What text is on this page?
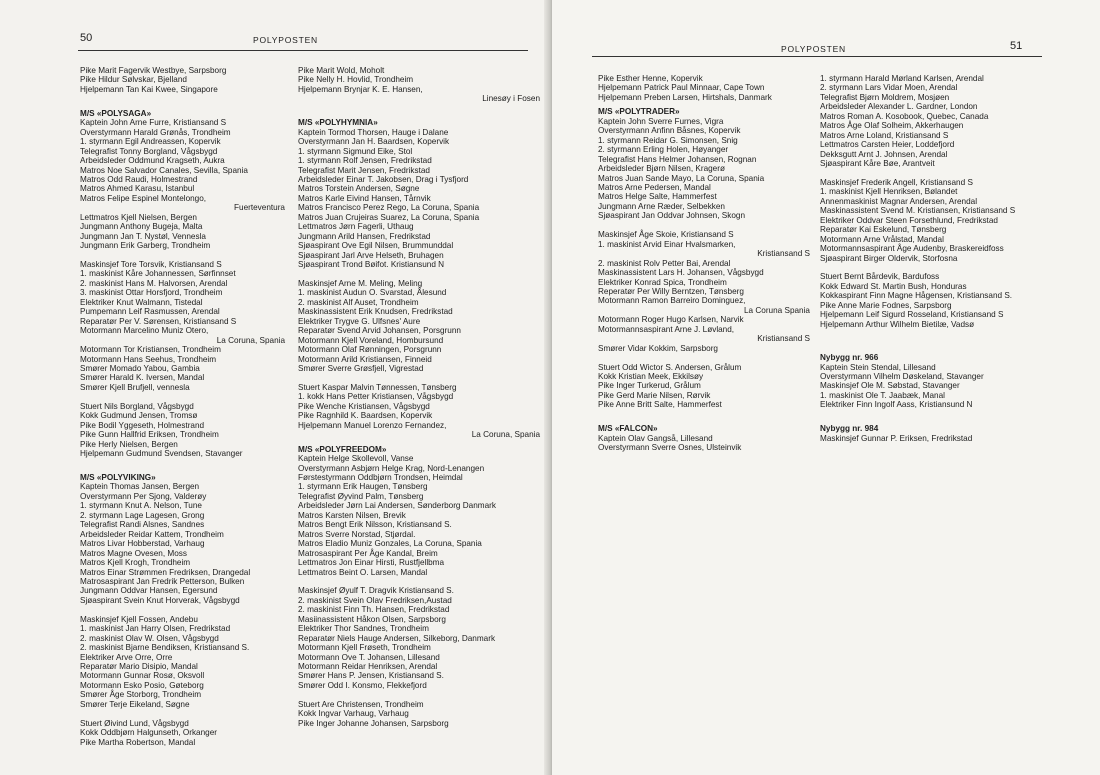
50	POLYPOSTEN
Pike Marit Fagervik Westbye, Sarpsborg
Pike Hildur Sølvskar, Bjelland
Hjelpemann Tan Kai Kwee, Singapore
M/S «POLYSAGA»
Kaptein John Arne Furre, Kristiansand S
Overstyrmann Harald Grønås, Trondheim
1. styrmann Egil Andreassen, Kopervik
Telegrafist Tonny Borgland, Vågsbygd
Arbeidsleder Oddmund Kragseth, Aukra
Matros Noe Salvador Canales, Sevilla, Spania
Matros Odd Raudi, Holmestrand
Matros Ahmed Karasu, Istanbul
Matros Felipe Espinel Montelongo,
Fuerteventura
Lettmatros Kjell Nielsen, Bergen
Jungmann Anthony Bugeja, Malta
Jungmann Jan T. Nystøl, Vennesla
Jungmann Erik Garberg, Trondheim
Maskinsjef Tore Torsvik, Kristiansand S
1. maskinist Kåre Johannessen, Sørfinnset
2. maskinist Hans M. Halvorsen, Arendal
3. maskinist Ottar Horsfjord, Trondheim
Elektriker Knut Walmann, Tistedal
Pumpemann Leif Rasmussen, Arendal
Reparatør Per V. Sørensen, Kristiansand S
Motormann Marcelino Muniz Otero,
La Coruna, Spania
Motormann Tor Kristiansen, Trondheim
Motormann Hans Seehus, Trondheim
Smører Momado Yabou, Gambia
Smører Harald K. Iversen, Mandal
Smører Kjell Brufjell, vennesla
Stuert Nils Borgland, Vågsbygd
Kokk Gudmund Jensen, Tromsø
Pike Bodil Yggeseth, Holmestrand
Pike Gunn Hallfrid Eriksen, Trondheim
Pike Herly Nielsen, Bergen
Hjelpemann Gudmund Svendsen, Stavanger
M/S «POLYVIKING»
Kaptein Thomas Jansen, Bergen
Overstyrmann Per Sjong, Valderøy
1. styrmann Knut A. Nelson, Tune
2. styrmann Lage Lagesen, Grong
Telegrafist Randi Alsnes, Sandnes
Arbeidsleder Reidar Kattem, Trondheim
Matros Livar Hobberstad, Varhaug
Matros Magne Ovesen, Moss
Matros Kjell Krogh, Trondheim
Matros Einar Strømmen Fredriksen, Drangedal
Matrosaspirant Jan Fredrik Petterson, Bulken
Jungmann Oddvar Hansen, Egersund
Sjøaspirant Svein Knut Horverak, Vågsbygd
Maskinsjef Kjell Fossen, Andebu
1. maskinist Jan Harry Olsen, Fredrikstad
2. maskinist Olav W. Olsen, Vågsbygd
2. maskinist Bjarne Bendiksen, Kristiansand S.
Elektriker Arve Orre, Orre
Reparatør Mario Disipio, Mandal
Motormann Gunnar Rosø, Oksvoll
Motormann Esko Posio, Gøteborg
Smører Åge Storborg, Trondheim
Smører Terje Eikeland, Søgne
Stuert Øivind Lund, Vågsbygd
Kokk Oddbjørn Halgunseth, Orkanger
Pike Martha Robertson, Mandal
Pike Marit Wold, Moholt
Pike Nelly H. Hovlid, Trondheim
Hjelpemann Brynjar K. E. Hansen,
Linesøy i Fosen
M/S «POLYHYMNIA»
Kaptein Tormod Thorsen, Hauge i Dalane
Overstyrmann Jan H. Baardsen, Kopervik
1. styrmann Sigmund Eike, Stol
1. styrmann Rolf Jensen, Fredrikstad
Telegrafist Marit Jensen, Fredrikstad
Arbeidsleder Einar T. Jakobsen, Drag i Tysfjord
Matros Torstein Andersen, Søgne
Matros Karle Eivind Hansen, Tårnvik
Matros Francisco Perez Rego, La Coruna, Spania
Matros Juan Crujeiras Suarez, La Coruna, Spania
Lettmatros Jørn Fagerli, Uthaug
Jungmann Arild Hansen, Fredrikstad
Sjøaspirant Ove Egil Nilsen, Brummunddal
Sjøaspirant Jarl Arve Helseth, Bruhagen
Sjøaspirant Trond Bøifot. Kristiansund N
Maskinsjef Arne M. Meling, Meling
1. maskinist Audun O. Svarstad, Ålesund
2. maskinist Alf Auset, Trondheim
Maskinassistent Erik Knudsen, Fredrikstad
Elektriker Trygve G. Ulfsnes' Aure
Reparatør Svend Arvid Johansen, Porsgrunn
Motormann Kjell Voreland, Hombursund
Motormann Olaf Rønningen, Porsgrunn
Motormann Arild Kristiansen, Finneid
Smører Sverre Grøsfjell, Vigrestad
Stuert Kaspar Malvin Tønnessen, Tønsberg
1. kokk Hans Petter Kristiansen, Vågsbygd
Pike Wenche Kristiansen, Vågsbygd
Pike Ragnhild K. Baardsen, Kopervik
Hjelpemann Manuel Lorenzo Fernandez,
La Coruna, Spania
M/S «POLYFREEDOM»
Kaptein Helge Skollevoll, Vanse
Overstyrmann Asbjørn Helge Krag, Nord-Lenangen
Førstestyrmann Oddbjørn Trondsen, Heimdal
1. styrmann Erik Haugen, Tønsberg
Telegrafist Øyvind Palm, Tønsberg
Arbeidsleder Jørn Lai Andersen, Sønderborg Danmark
Matros Karsten Nilsen, Brevik
Matros Bengt Erik Nilsson, Kristiansand S.
Matros Sverre Norstad, Stjørdal.
Matros Eladio Muniz Gonzales, La Coruna, Spania
Matrosaspirant Per Åge Kandal, Breim
Lettmatros Jon Einar Hirsti, Rustfjellbma
Lettmatros Beint O. Larsen, Mandal
Maskinsjef Øyulf T. Dragvik Kristiansand S.
2. maskinist Svein Olav Fredriksen,Austad
2. maskinist Finn Th. Hansen, Fredrikstad
Masiinassistent Håkon Olsen, Sarpsborg
Elektriker Thor Sandnes, Trondheim
Reparatør Niels Hauge Andersen, Silkeborg, Danmark
Motormann Kjell Frøseth, Trondheim
Motormann Ove T. Johansen, Lillesand
Motormann Reidar Henriksen, Arendal
Smører Hans P. Jensen, Kristiansand S.
Smører Odd I. Konsmo, Flekkefjord
Stuert Are Christensen, Trondheim
Kokk Ingvar Varhaug, Varhaug
Pike Inger Johanne Johansen, Sarpsborg
POLYPOSTEN	51
Pike Esther Henne, Kopervik
Hjelpemann Patrick Paul Minnaar, Cape Town
Hjelpemann Preben Larsen, Hirtshals, Danmark
M/S «POLYTRADER»
Kaptein John Sverre Furnes, Vigra
Overstyrmann Anfinn Båsnes, Kopervik
1. styrmann Reidar G. Simonsen, Snig
2. styrmann Erling Holen, Høyanger
Telegrafist Hans Helmer Johansen, Rognan
Arbeidsleder Bjørn Nilsen, Kragerø
Matros Juan Sande Mayo, La Coruna, Spania
Matros Arne Pedersen, Mandal
Matros Helge Salte, Hammerfest
Jungmann Arne Ræder, Selbekken
Sjøaspirant Jan Oddvar Johnsen, Skogn
Maskinsjef Åge Skoie, Kristiansand S
1. maskinist Arvid Einar Hvalsmarken,
Kristiansand S
2. maskinist Rolv Petter Bai, Arendal
Maskinassistent Lars H. Johansen, Vågsbygd
Elektriker Konrad Spica, Trondheim
Reperatør Per Willy Berntzen, Tønsberg
Motormann Ramon Barreiro Dominguez,
La Coruna Spania
Motormann Roger Hugo Karlsen, Narvik
Motormannsaspirant Arne J. Løvland,
Kristiansand S
Smører Vidar Kokkim, Sarpsborg
Stuert Odd Wictor S. Andersen, Grålum
Kokk Kristian Meek, Ekkilsøy
Pike Inger Turkerud, Grålum
Pike Gerd Marie Nilsen, Rørvik
Pike Anne Britt Salte, Hammerfest
M/S «FALCON»
Kaptein Olav Gangså, Lillesand
Overstyrmann Sverre Osnes, Ulsteinvik
1. styrmann Harald Mørland Karlsen, Arendal
2. styrmann Lars Vidar Moen, Arendal
Telegrafist Bjørn Moldrem, Mosjøen
Arbeidsleder Alexander L. Gardner, London
Matros Roman A. Kosobook, Quebec, Canada
Matros Åge Olaf Solheim, Akkerhaugen
Matros Arne Loland, Kristiansand S
Lettmatros Carsten Heier, Loddefjord
Dekksgutt Arnt J. Johnsen, Arendal
Sjøaspirant Kåre Bøe, Arantveit
Maskinsjef Frederik Angell, Kristiansand S
1. maskinist Kjell Henriksen, Bølandet
Annenmaskinist Magnar Andersen, Arendal
Maskinassistent Svend M. Kristiansen, Kristiansand S
Elektriker Oddvar Steen Forsethlund, Fredrikstad
Reparatør Kai Eskelund, Tønsberg
Motormann Arne Vrålstad, Mandal
Motormannsaspirant Åge Audenby, Braskereidfoss
Sjøaspirant Birger Oldervik, Storfosna
Stuert Bernt Bårdevik, Bardufoss
Kokk Edward St. Martin Bush, Honduras
Kokkaspirant Finn Magne Hågensen, Kristiansand S.
Pike Anne Marie Fodnes, Sarpsborg
Hjelpemann Leif Sigurd Rosseland, Kristiansand S
Hjelpemann Arthur Wilhelm Bietilæ, Vadsø
Nybygg nr. 966
Kaptein Stein Stendal, Lillesand
Overstyrmann Vilhelm Døskeland, Stavanger
Maskinsjef Ole M. Søbstad, Stavanger
1. maskinist Ole T. Jaabæk, Manal
Elektriker Finn Ingolf Aass, Kristiansund N
Nybygg nr. 984
Maskinsjef Gunnar P. Eriksen, Fredrikstad
